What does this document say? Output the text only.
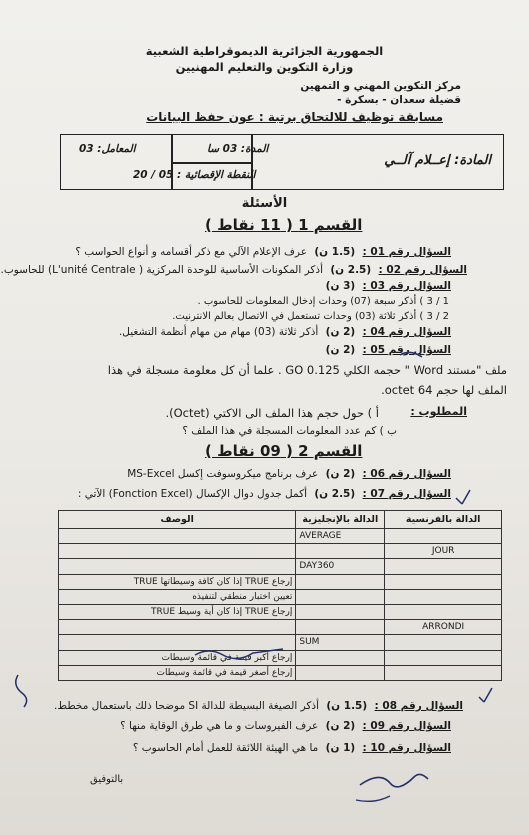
الجمهورية الجزائرية الديموقراطية الشعبية
وزارة التكوين والتعليم المهنيين
مركز التكوين المهني و التمهين
قضيلة سعدان - بسكرة -
مسابقة توظيف للالتحاق برتبة : عون حفظ البيانات
المادة: إعــلام آلــي
المدة: 03 سا
المعامل: 03
النقطة الإقصائية : 05 / 20
الأسئلة
القسم 1 ( 11 نقاط )
السؤال رقم 01 : (1.5 ن) عرف الإعلام الآلي مع ذكر أقسامه و أنواع الحواسب ؟
السؤال رقم 02 : (2.5 ن) أذكر المكونات الأساسية للوحدة المركزية ( L'unité Centrale) للحاسوب.
السؤال رقم 03 : (3 ن)
1 / 3 ) أذكر سبعة (07) وحدات إدخال المعلومات للحاسوب .
2 / 3 ) أذكر ثلاثة (03) وحدات تستعمل في الاتصال بعالم الانترنيت.
السؤال رقم 04 : (2 ن) أذكر ثلاثة (03) مهام من مهام أنظمة التشغيل.
السؤال رقم 05 : (2 ن)
ملف "مستند Word " حجمه الكلي 0.125 GO . علما أن كل معلومة مسجلة في هذا
الملف لها حجم 64 octet.
المطلوب :
أ ) حول حجم هذا الملف الى الاكتي (Octet).
ب ) كم عدد المعلومات المسجلة في هذا الملف ؟
القسم 2 ( 09 نقاط )
السؤال رقم 06 : (2 ن) عرف برنامج ميكروسوفت إكسل MS-Excel
السؤال رقم 07 : (2.5 ن) أكمل جدول دوال الإكسال (Fonction Excel) الآتي :
الدالة بالفرنسية	الدالة بالإنجليزية	الوصف
	AVERAGE	
JOUR		
	DAY360	
		إرجاع TRUE إذا كان كافة وسيطاتها TRUE
		تعيين اختبار منطقي لتنفيذه
		إرجاع TRUE إذا كان أية وسيط TRUE
ARRONDI		
	SUM	
		إرجاع أكبر قيمة في قائمة وسيطات
		إرجاع أصغر قيمة في قائمة وسيطات
السؤال رقم 08 : (1.5 ن) أذكر الصيغة البسيطة للدالة SI موضحا ذلك باستعمال مخطط.
السؤال رقم 09 : (2 ن) عرف الفيروسات و ما هي طرق الوقاية منها ؟
السؤال رقم 10 : (1 ن) ما هي الهيئة اللائقة للعمل أمام الحاسوب ؟
بالتوفيق
